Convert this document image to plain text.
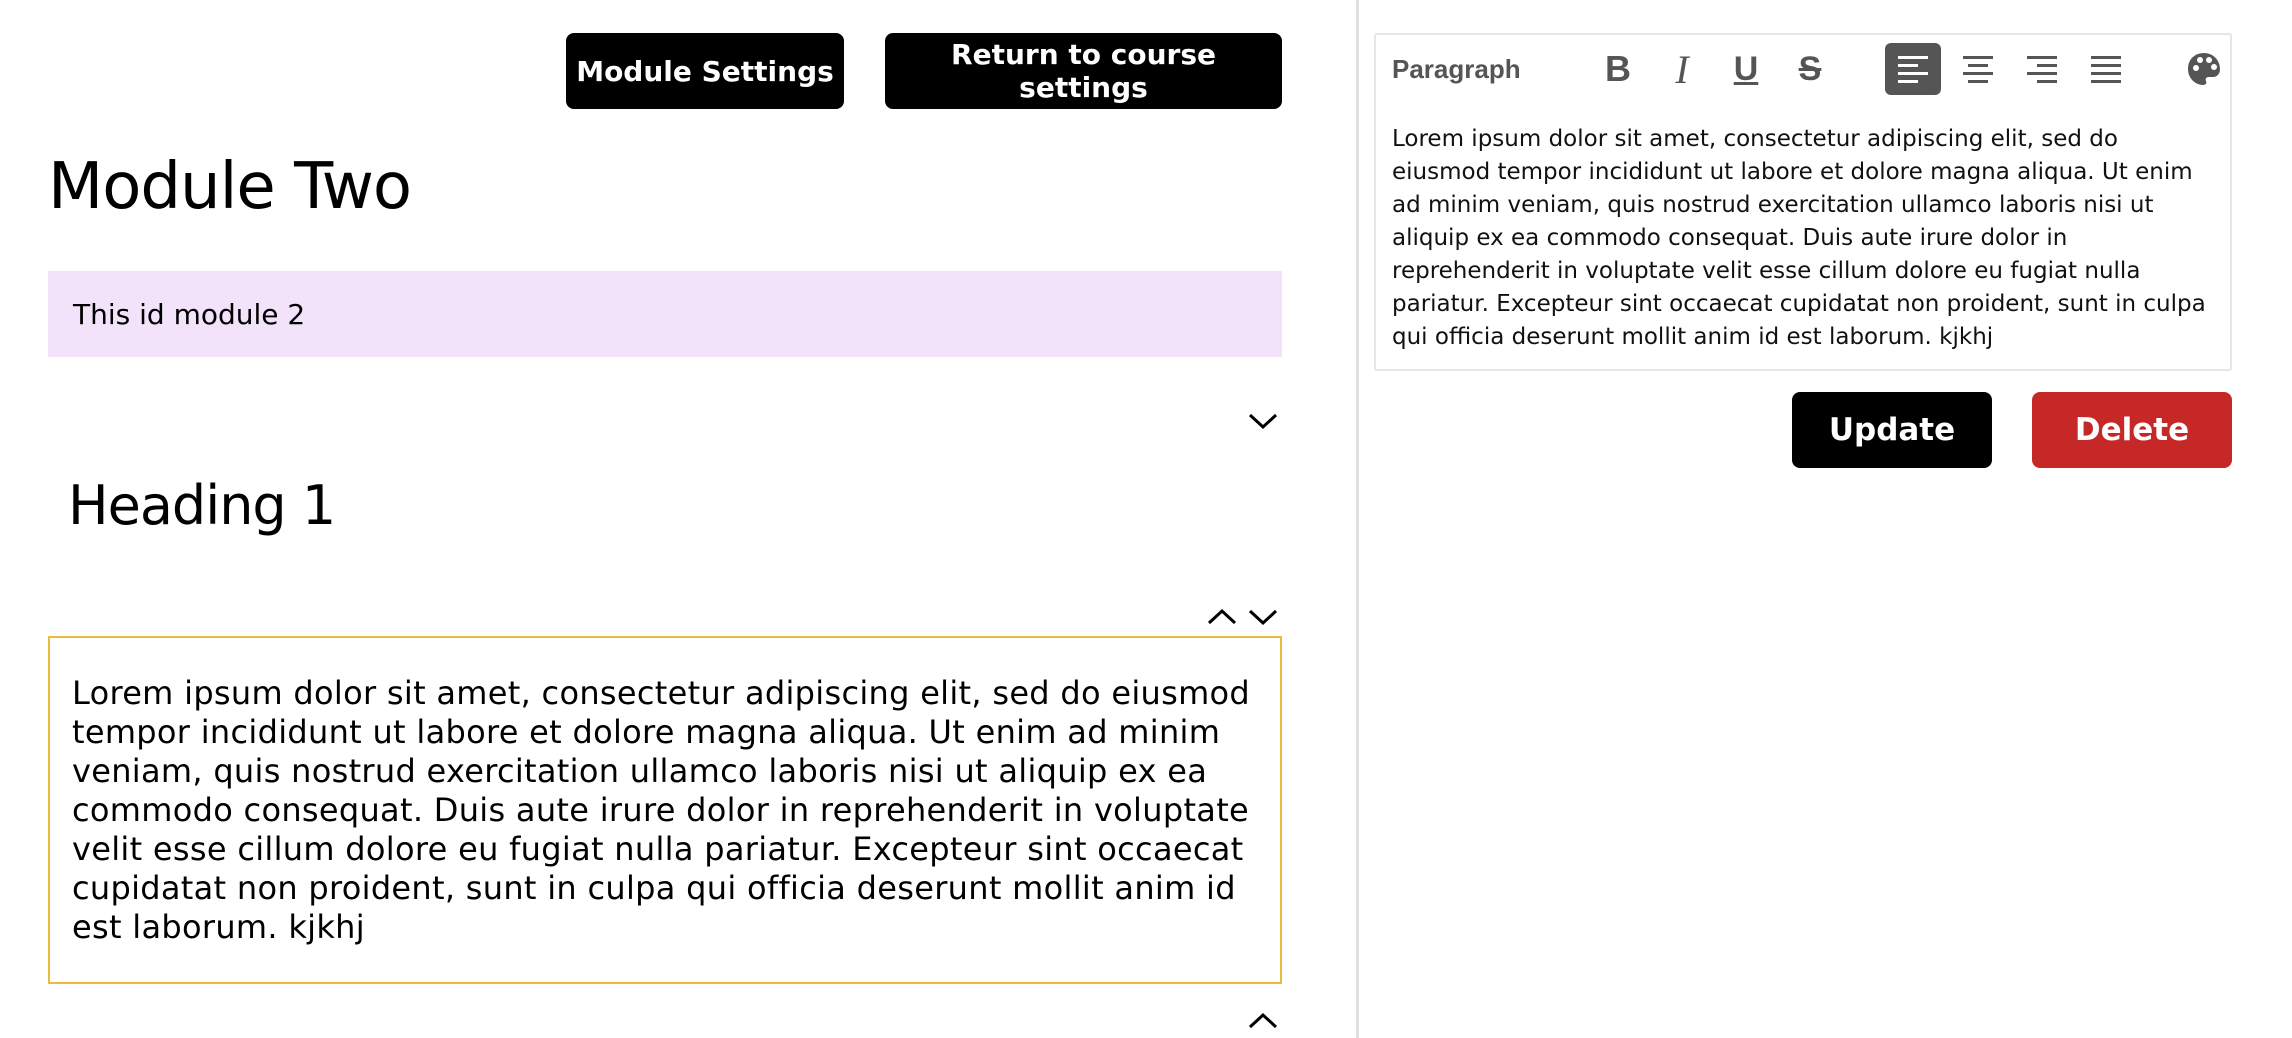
Module Settings	Return to course settings
Module Two
This id module 2
Heading 1
Lorem ipsum dolor sit amet, consectetur adipiscing elit, sed do eiusmod tempor incididunt ut labore et dolore magna aliqua. Ut enim ad minim veniam, quis nostrud exercitation ullamco laboris nisi ut aliquip ex ea commodo consequat. Duis aute irure dolor in reprehenderit in voluptate velit esse cillum dolore eu fugiat nulla pariatur. Excepteur sint occaecat cupidatat non proident, sunt in culpa qui officia deserunt mollit anim id est laborum. kjkhj
Paragraph	B	I	U	S
Lorem ipsum dolor sit amet, consectetur adipiscing elit, sed do eiusmod tempor incididunt ut labore et dolore magna aliqua. Ut enim ad minim veniam, quis nostrud exercitation ullamco laboris nisi ut aliquip ex ea commodo consequat. Duis aute irure dolor in reprehenderit in voluptate velit esse cillum dolore eu fugiat nulla pariatur. Excepteur sint occaecat cupidatat non proident, sunt in culpa qui officia deserunt mollit anim id est laborum. kjkhj
Update	Delete
